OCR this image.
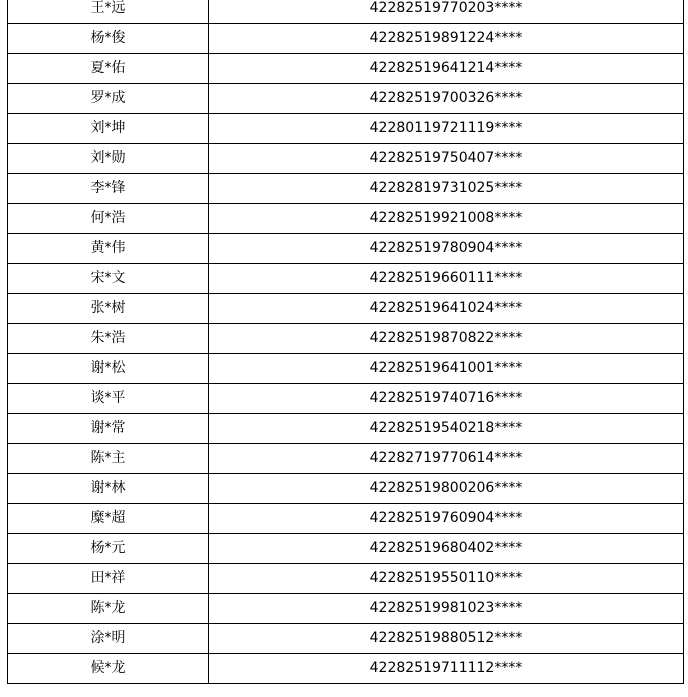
王*远	42282519770203****
杨*俊	42282519891224****
夏*佑	42282519641214****
罗*成	42282519700326****
刘*坤	42280119721119****
刘*勋	42282519750407****
李*锋	42282819731025****
何*浩	42282519921008****
黄*伟	42282519780904****
宋*文	42282519660111****
张*树	42282519641024****
朱*浩	42282519870822****
谢*松	42282519641001****
谈*平	42282519740716****
谢*常	42282519540218****
陈*主	42282719770614****
谢*林	42282519800206****
糜*超	42282519760904****
杨*元	42282519680402****
田*祥	42282519550110****
陈*龙	42282519981023****
涂*明	42282519880512****
候*龙	42282519711112****
